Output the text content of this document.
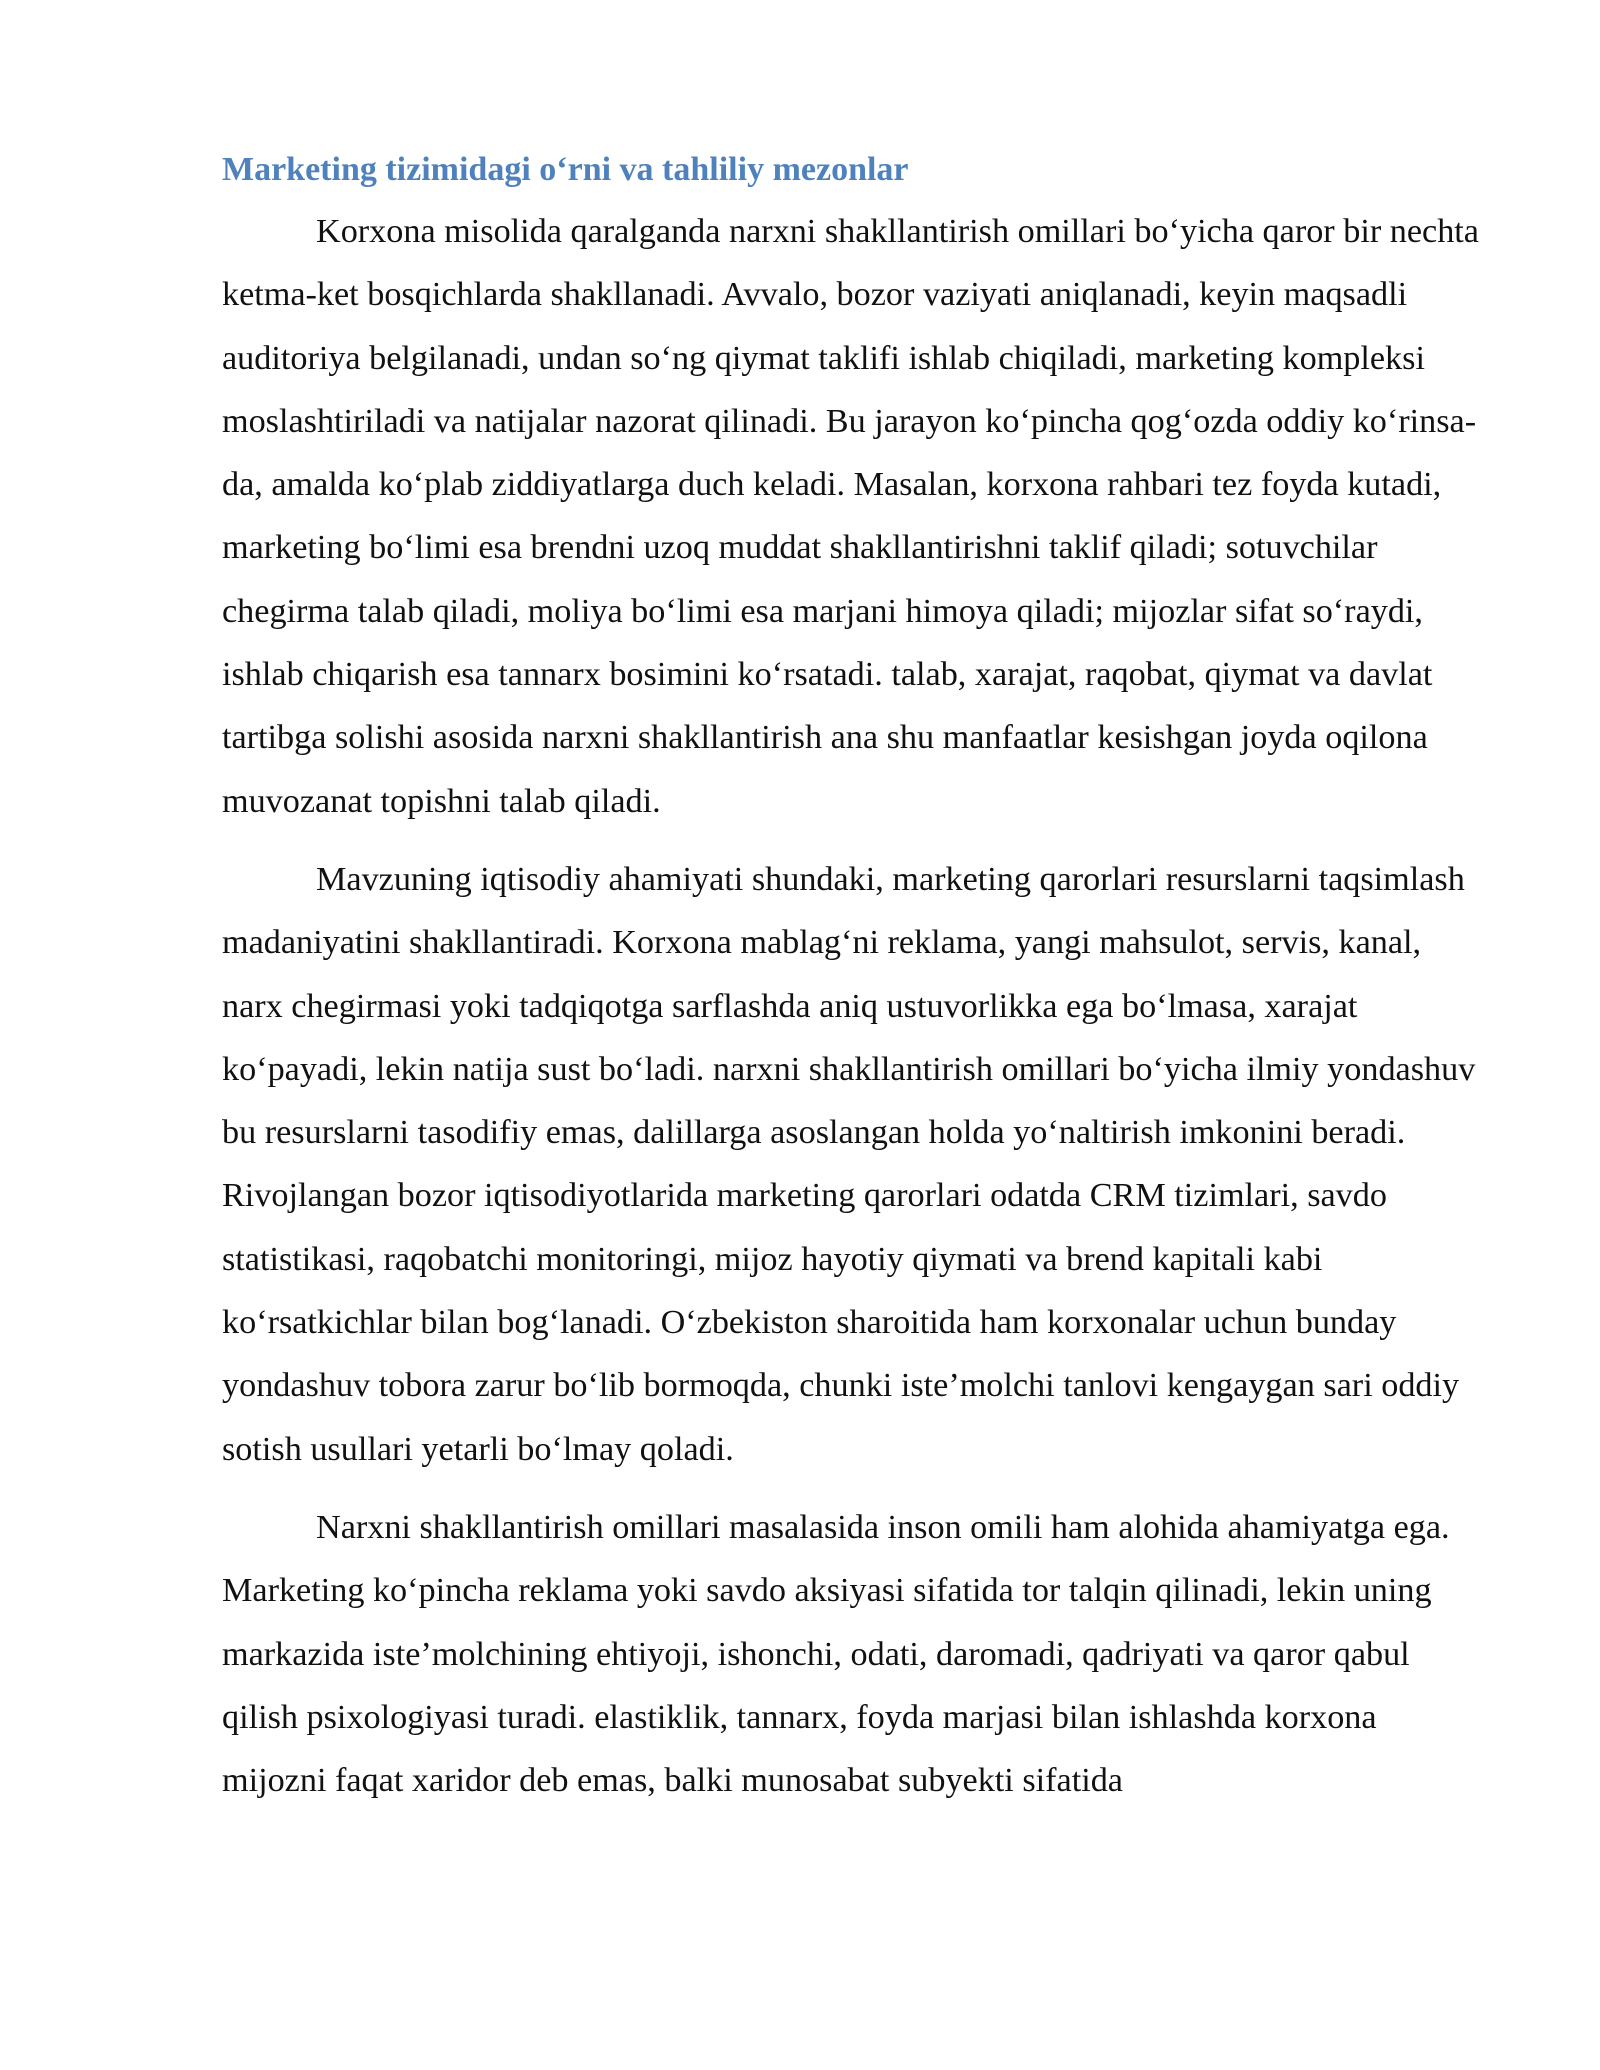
Marketing tizimidagi o‘rni va tahliliy mezonlar

Korxona misolida qaralganda narxni shakllantirish omillari bo‘yicha qaror bir nechta ketma-ket bosqichlarda shakllanadi. Avvalo, bozor vaziyati aniqlanadi, keyin maqsadli auditoriya belgilanadi, undan so‘ng qiymat taklifi ishlab chiqiladi, marketing kompleksi moslashtiriladi va natijalar nazorat qilinadi. Bu jarayon ko‘pincha qog‘ozda oddiy ko‘rinsa-da, amalda ko‘plab ziddiyatlarga duch keladi. Masalan, korxona rahbari tez foyda kutadi, marketing bo‘limi esa brendni uzoq muddat shakllantirishni taklif qiladi; sotuvchilar chegirma talab qiladi, moliya bo‘limi esa marjani himoya qiladi; mijozlar sifat so‘raydi, ishlab chiqarish esa tannarx bosimini ko‘rsatadi. talab, xarajat, raqobat, qiymat va davlat tartibga solishi asosida narxni shakllantirish ana shu manfaatlar kesishgan joyda oqilona muvozanat topishni talab qiladi.

Mavzuning iqtisodiy ahamiyati shundaki, marketing qarorlari resurslarni taqsimlash madaniyatini shakllantiradi. Korxona mablag‘ni reklama, yangi mahsulot, servis, kanal, narx chegirmasi yoki tadqiqotga sarflashda aniq ustuvorlikka ega bo‘lmasa, xarajat ko‘payadi, lekin natija sust bo‘ladi. narxni shakllantirish omillari bo‘yicha ilmiy yondashuv bu resurslarni tasodifiy emas, dalillarga asoslangan holda yo‘naltirish imkonini beradi. Rivojlangan bozor iqtisodiyotlarida marketing qarorlari odatda CRM tizimlari, savdo statistikasi, raqobatchi monitoringi, mijoz hayotiy qiymati va brend kapitali kabi ko‘rsatkichlar bilan bog‘lanadi. O‘zbekiston sharoitida ham korxonalar uchun bunday yondashuv tobora zarur bo‘lib bormoqda, chunki iste’molchi tanlovi kengaygan sari oddiy sotish usullari yetarli bo‘lmay qoladi.

Narxni shakllantirish omillari masalasida inson omili ham alohida ahamiyatga ega. Marketing ko‘pincha reklama yoki savdo aksiyasi sifatida tor talqin qilinadi, lekin uning markazida iste’molchining ehtiyoji, ishonchi, odati, daromadi, qadriyati va qaror qabul qilish psixologiyasi turadi. elastiklik, tannarx, foyda marjasi bilan ishlashda korxona mijozni faqat xaridor deb emas, balki munosabat subyekti sifatida
